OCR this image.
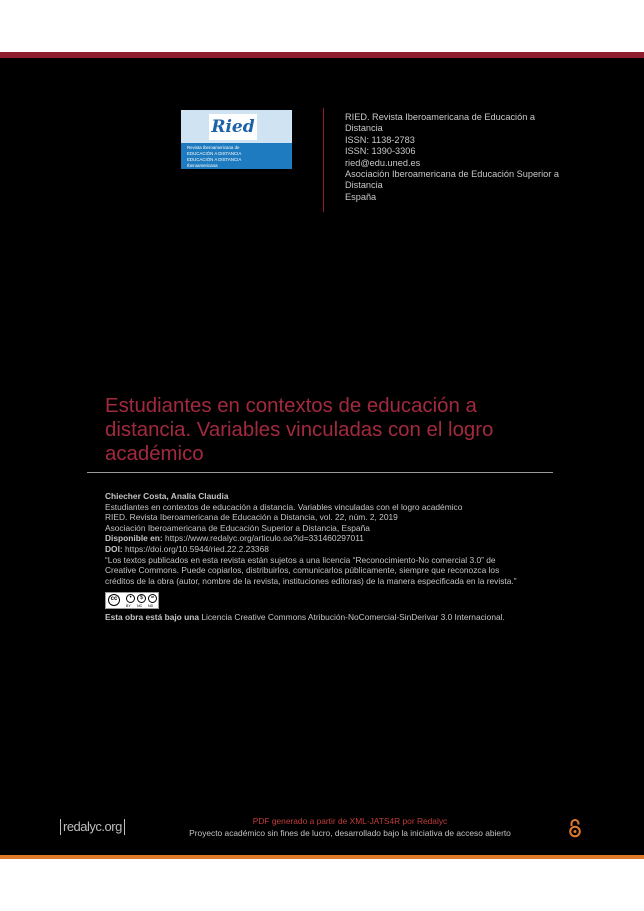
Ried
Revista Iberoamericana de
EDUCACIÓN A DISTANCIA
EDUCACIÓN A DISTANCIA
Iberoamericana
RIED. Revista Iberoamericana de Educación a
Distancia
ISSN: 1138-2783
ISSN: 1390-3306
ried@edu.uned.es
Asociación Iberoamericana de Educación Superior a
Distancia
España
Estudiantes en contextos de educación a distancia. Variables vinculadas con el logro académico
Chiecher Costa, Analía Claudia
Estudiantes en contextos de educación a distancia. Variables vinculadas con el logro académico
RIED. Revista Iberoamericana de Educación a Distancia, vol. 22, núm. 2, 2019
Asociación Iberoamericana de Educación Superior a Distancia, España
Disponible en: https://www.redalyc.org/articulo.oa?id=331460297011
DOI: https://doi.org/10.5944/ried.22.2.23368
“Los textos publicados en esta revista están sujetos a una licencia “Reconocimiento-No comercial 3.0” de
Creative Commons. Puede copiarlos, distribuirlos, comunicarlos públicamente, siempre que reconozca los
créditos de la obra (autor, nombre de la revista, instituciones editoras) de la manera especificada en la revista.”
cc	•	$	=
BY NC ND
Esta obra está bajo una Licencia Creative Commons Atribución-NoComercial-SinDerivar 3.0 Internacional.
redalyc.org	PDF generado a partir de XML-JATS4R por Redalyc
Proyecto académico sin fines de lucro, desarrollado bajo la iniciativa de acceso abierto
